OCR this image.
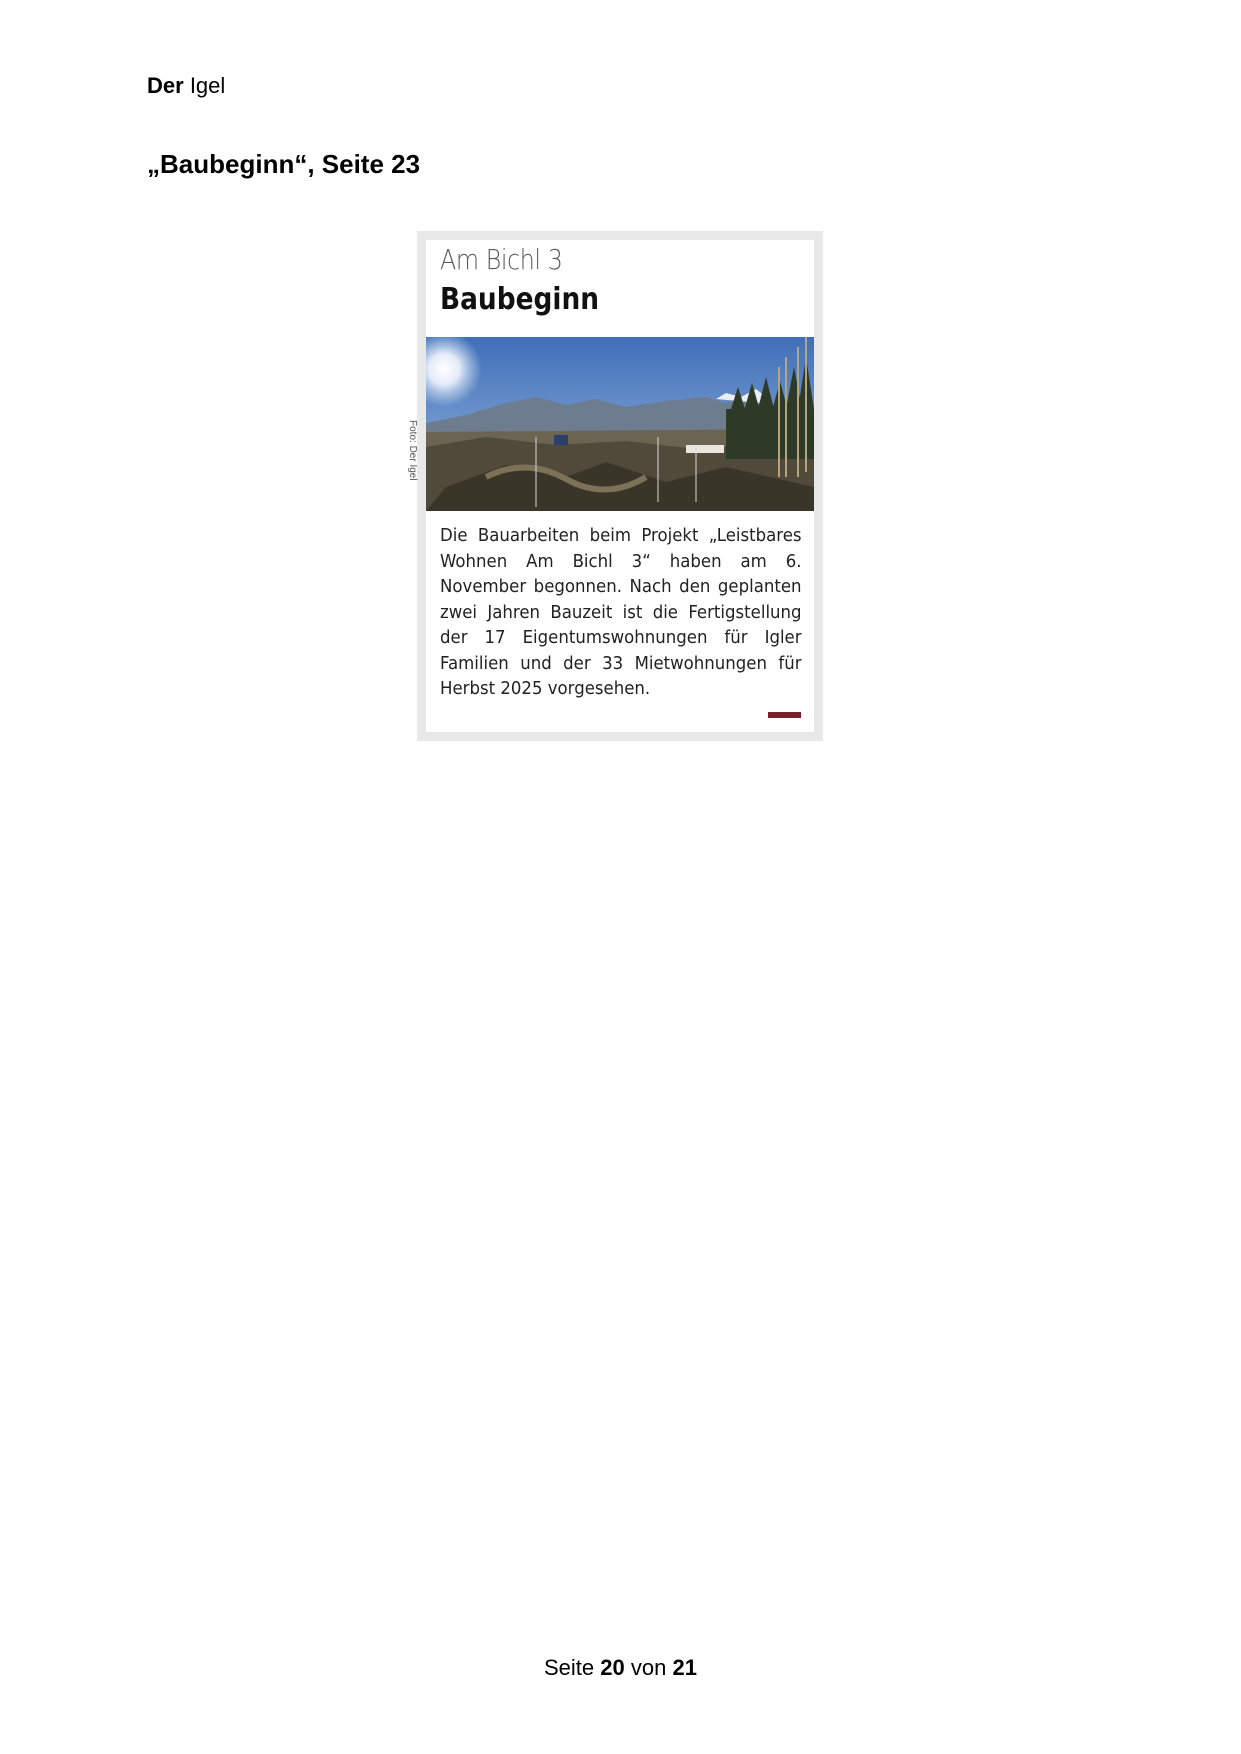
Der Igel
„Baubeginn“, Seite 23
Am Bichl 3
Baubeginn
Foto: Der Igel
Die Bauarbeiten beim Projekt „Leistbares Wohnen Am Bichl 3“ haben am 6. November begonnen. Nach den geplanten zwei Jahren Bauzeit ist die Fertigstellung der 17 Eigentumswohnungen für Igler Familien und der 33 Mietwohnungen für Herbst 2025 vorgesehen.
Seite 20 von 21
